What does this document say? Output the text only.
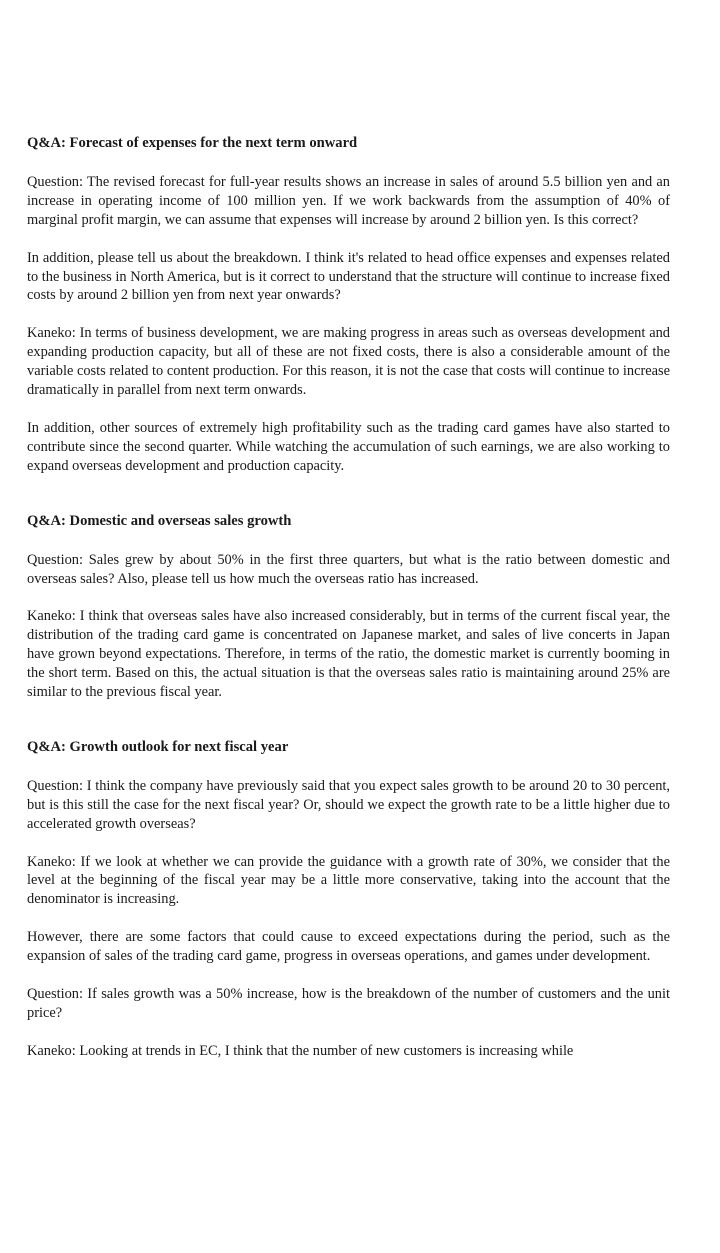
Q&A: Forecast of expenses for the next term onward

Question: The revised forecast for full-year results shows an increase in sales of around 5.5 billion yen and an increase in operating income of 100 million yen. If we work backwards from the assumption of 40% of marginal profit margin, we can assume that expenses will increase by around 2 billion yen. Is this correct?

In addition, please tell us about the breakdown. I think it's related to head office expenses and expenses related to the business in North America, but is it correct to understand that the structure will continue to increase fixed costs by around 2 billion yen from next year onwards?

Kaneko: In terms of business development, we are making progress in areas such as overseas development and expanding production capacity, but all of these are not fixed costs, there is also a considerable amount of the variable costs related to content production. For this reason, it is not the case that costs will continue to increase dramatically in parallel from next term onwards.

In addition, other sources of extremely high profitability such as the trading card games have also started to contribute since the second quarter. While watching the accumulation of such earnings, we are also working to expand overseas development and production capacity.

Q&A: Domestic and overseas sales growth

Question: Sales grew by about 50% in the first three quarters, but what is the ratio between domestic and overseas sales? Also, please tell us how much the overseas ratio has increased.

Kaneko: I think that overseas sales have also increased considerably, but in terms of the current fiscal year, the distribution of the trading card game is concentrated on Japanese market, and sales of live concerts in Japan have grown beyond expectations. Therefore, in terms of the ratio, the domestic market is currently booming in the short term. Based on this, the actual situation is that the overseas sales ratio is maintaining around 25% are similar to the previous fiscal year.

Q&A: Growth outlook for next fiscal year

Question: I think the company have previously said that you expect sales growth to be around 20 to 30 percent, but is this still the case for the next fiscal year? Or, should we expect the growth rate to be a little higher due to accelerated growth overseas?

Kaneko: If we look at whether we can provide the guidance with a growth rate of 30%, we consider that the level at the beginning of the fiscal year may be a little more conservative, taking into the account that the denominator is increasing.

However, there are some factors that could cause to exceed expectations during the period, such as the expansion of sales of the trading card game, progress in overseas operations, and games under development.

Question: If sales growth was a 50% increase, how is the breakdown of the number of customers and the unit price?

Kaneko: Looking at trends in EC, I think that the number of new customers is increasing while
